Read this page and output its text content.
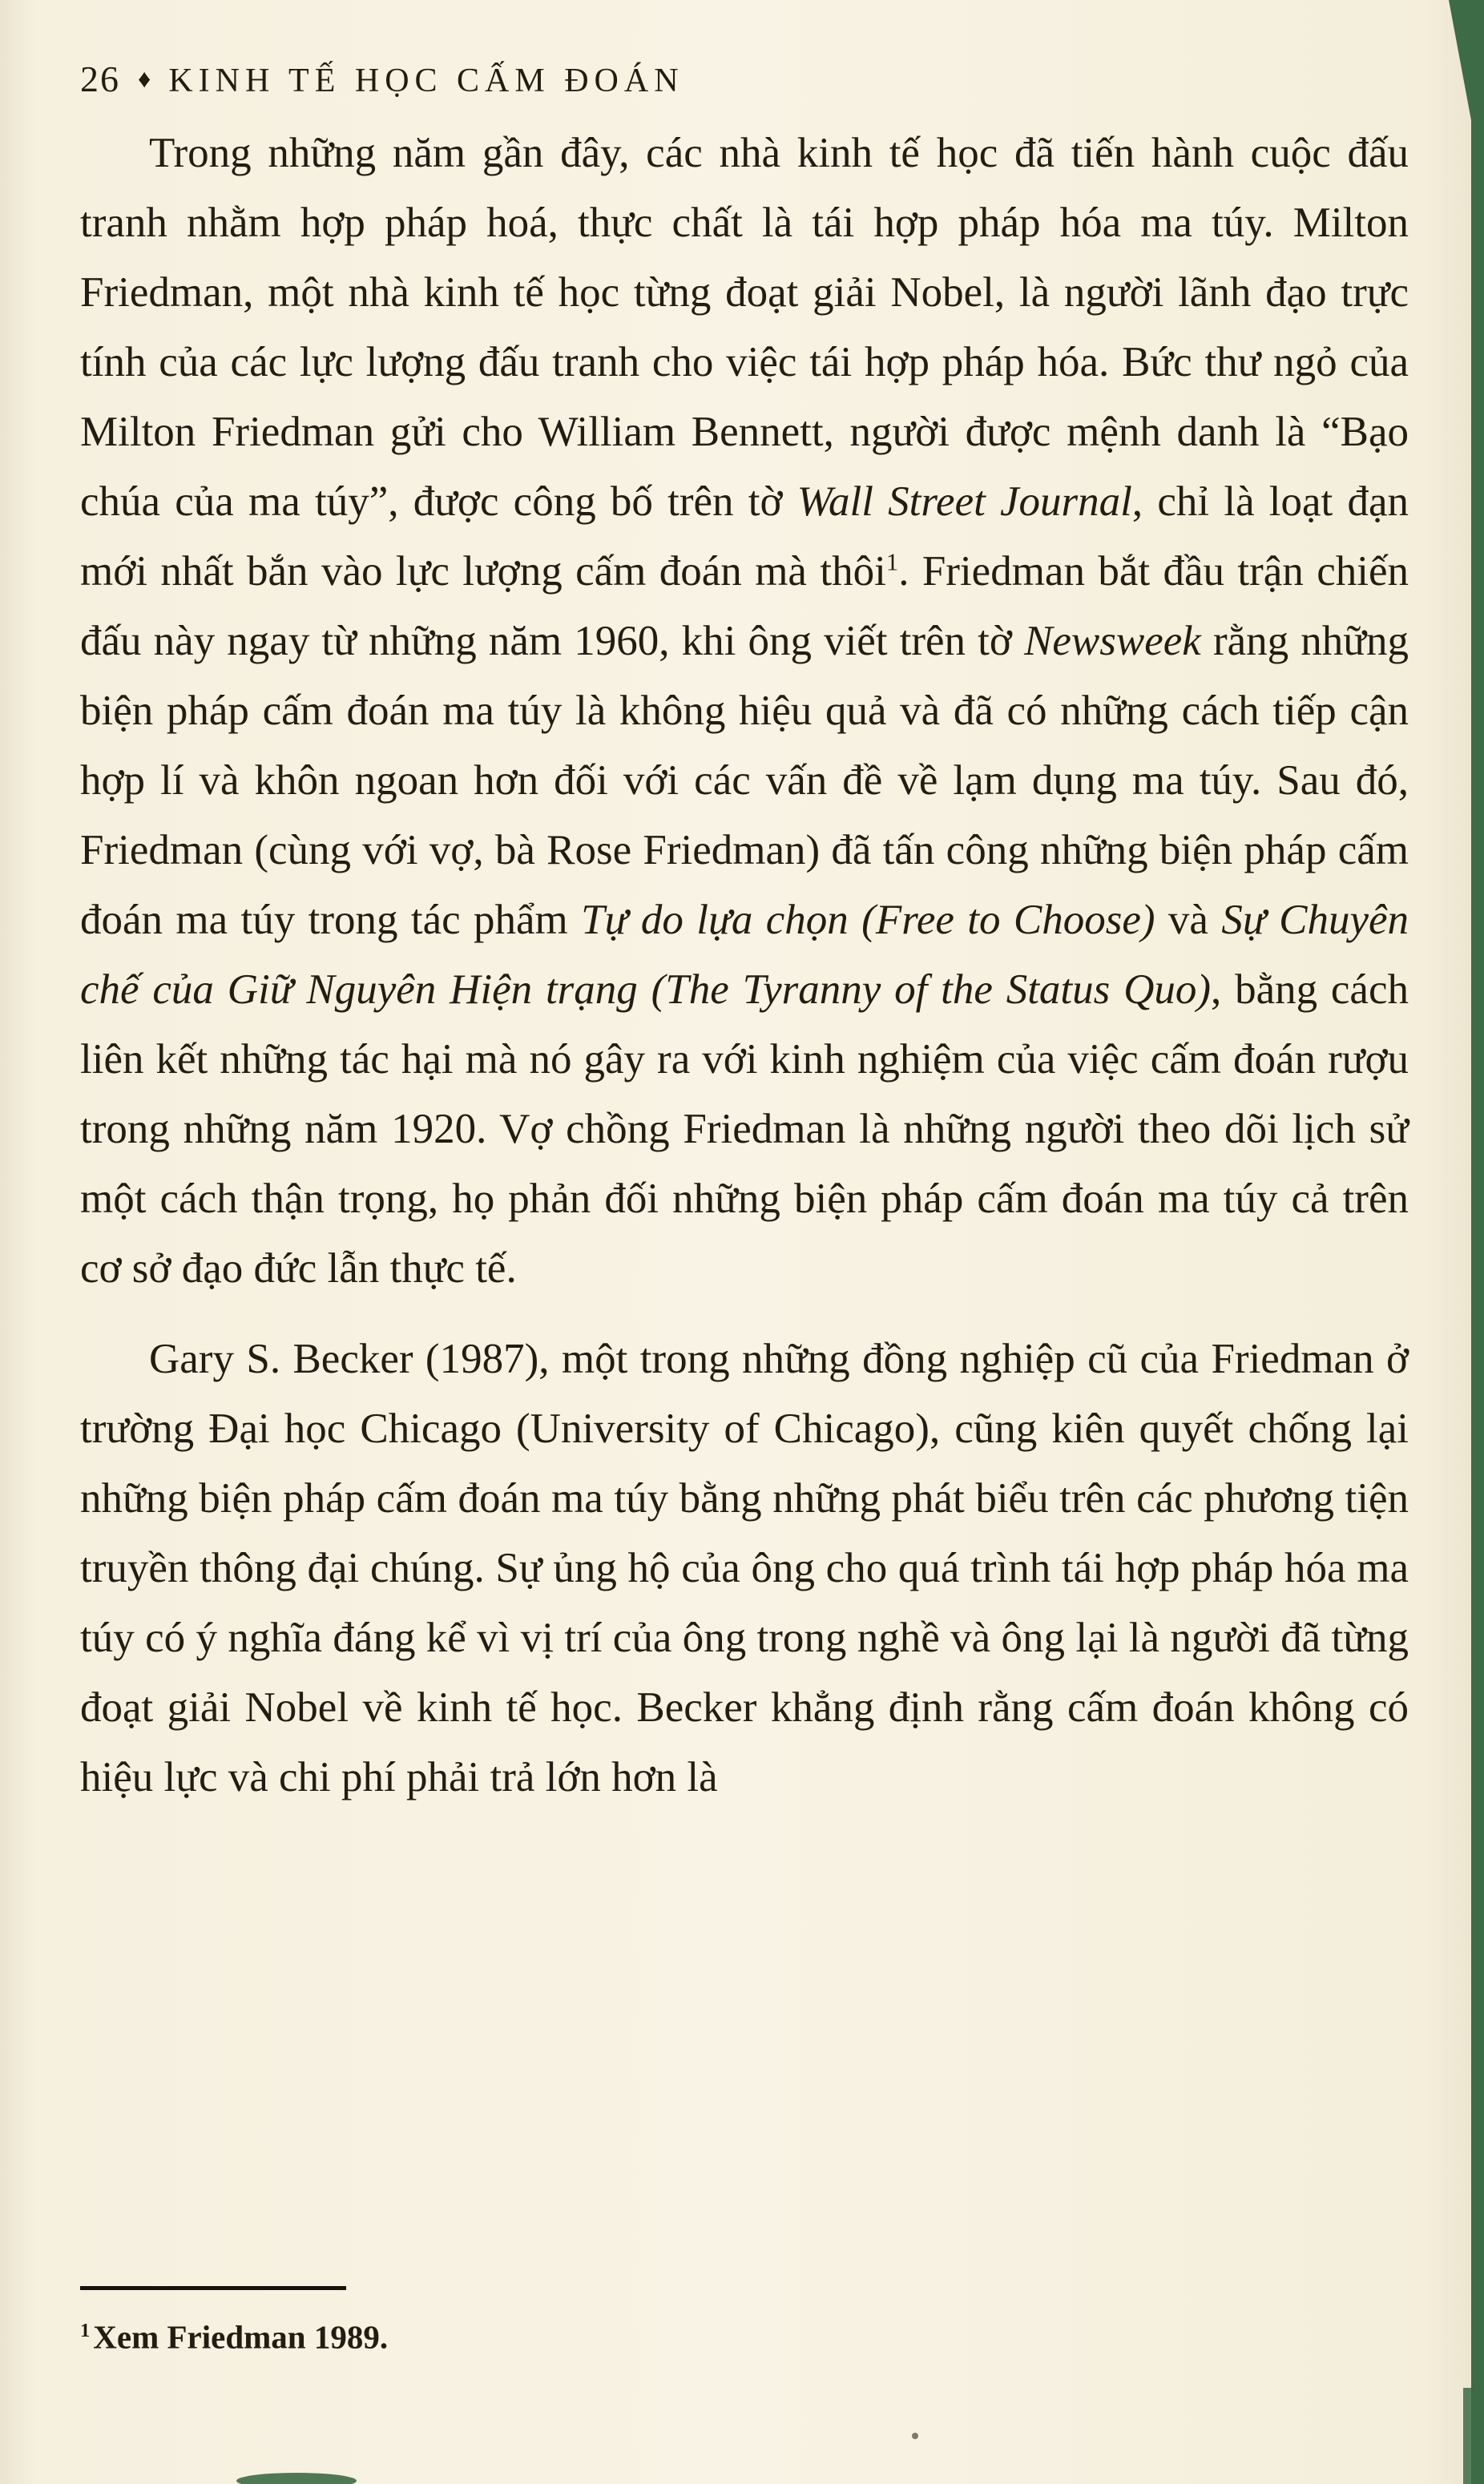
26 ♦ KINH TẾ HỌC CẤM ĐOÁN

Trong những năm gần đây, các nhà kinh tế học đã tiến hành cuộc đấu tranh nhằm hợp pháp hoá, thực chất là tái hợp pháp hóa ma túy. Milton Friedman, một nhà kinh tế học từng đoạt giải Nobel, là người lãnh đạo trực tính của các lực lượng đấu tranh cho việc tái hợp pháp hóa. Bức thư ngỏ của Milton Friedman gửi cho William Bennett, người được mệnh danh là “Bạo chúa của ma túy”, được công bố trên tờ Wall Street Journal, chỉ là loạt đạn mới nhất bắn vào lực lượng cấm đoán mà thôi$^1$. Friedman bắt đầu trận chiến đấu này ngay từ những năm 1960, khi ông viết trên tờ Newsweek rằng những biện pháp cấm đoán ma túy là không hiệu quả và đã có những cách tiếp cận hợp lí và khôn ngoan hơn đối với các vấn đề về lạm dụng ma túy. Sau đó, Friedman (cùng với vợ, bà Rose Friedman) đã tấn công những biện pháp cấm đoán ma túy trong tác phẩm Tự do lựa chọn (Free to Choose) và Sự Chuyên chế của Giữ Nguyên Hiện trạng (The Tyranny of the Status Quo), bằng cách liên kết những tác hại mà nó gây ra với kinh nghiệm của việc cấm đoán rượu trong những năm 1920. Vợ chồng Friedman là những người theo dõi lịch sử một cách thận trọng, họ phản đối những biện pháp cấm đoán ma túy cả trên cơ sở đạo đức lẫn thực tế.

Gary S. Becker (1987), một trong những đồng nghiệp cũ của Friedman ở trường Đại học Chicago (University of Chicago), cũng kiên quyết chống lại những biện pháp cấm đoán ma túy bằng những phát biểu trên các phương tiện truyền thông đại chúng. Sự ủng hộ của ông cho quá trình tái hợp pháp hóa ma túy có ý nghĩa đáng kể vì vị trí của ông trong nghề và ông lại là người đã từng đoạt giải Nobel về kinh tế học. Becker khẳng định rằng cấm đoán không có hiệu lực và chi phí phải trả lớn hơn là

$^1$Xem Friedman 1989.
